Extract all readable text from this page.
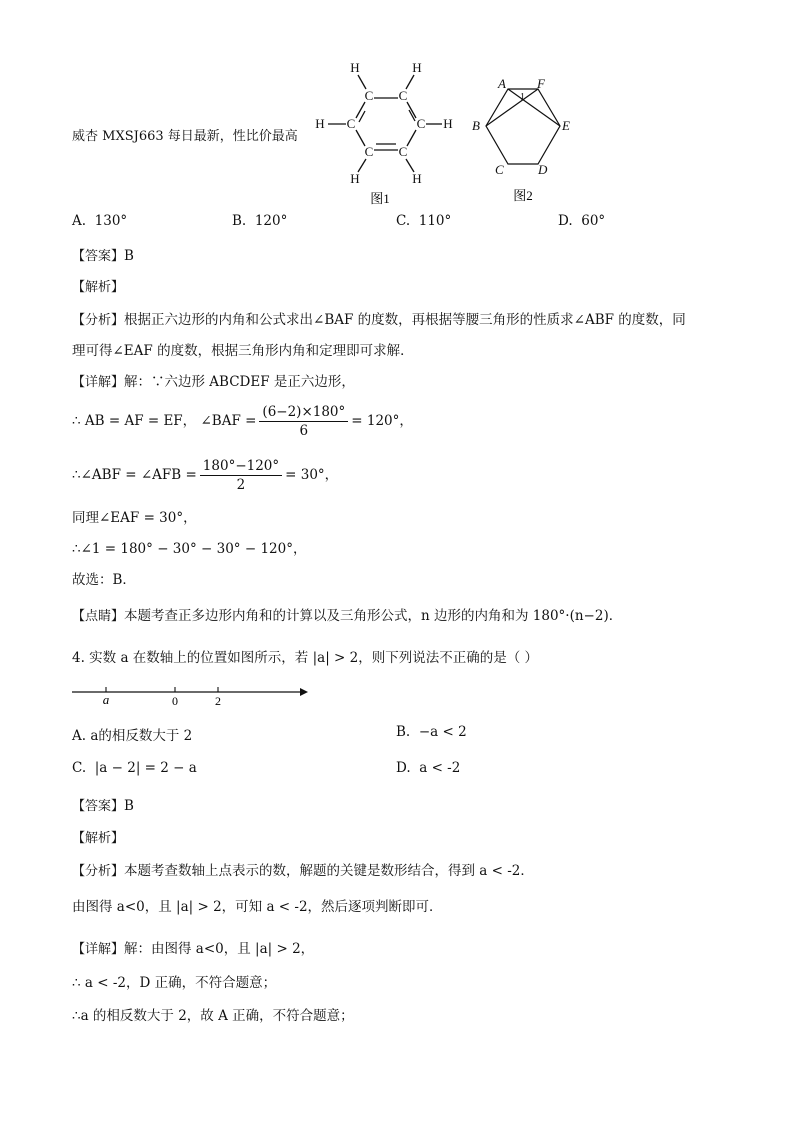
威杏 MXSJ663 每日最新，性比价最高
C C
C
C
C
C
H	H
H
H
H	H
图1
A F
B	E
C	D
1
图2
A. 130°	B. 120°	C. 110°	D. 60°
【答案】B
【解析】
【分析】根据正六边形的内角和公式求出∠BAF 的度数，再根据等腰三角形的性质求∠ABF 的度数，同
理可得∠EAF 的度数，根据三角形内角和定理即可求解．
【详解】解：∵六边形 ABCDEF 是正六边形，
∴ AB = AF = EF， ∠BAF = $\frac{(6-2)\times 180^\circ}{6} = 120^\circ$，
∴∠ABF = ∠AFB = $\frac{180^\circ-120^\circ}{2} = 30^\circ$，
同理∠EAF = 30°，
∴∠1 = 180° − 30° − 30° − 120°，
故选：B．
【点睛】本题考查正多边形内角和的计算以及三角形公式，n 边形的内角和为 180°·(n−2)．
4. 实数 a 在数轴上的位置如图所示，若 |a| > 2，则下列说法不正确的是（ ）
a	0	2
A. a的相反数大于 2	B. −a < 2
C. |a − 2| = 2 − a	D. a < -2
【答案】B
【解析】
【分析】本题考查数轴上点表示的数，解题的关键是数形结合，得到 a < -2．
由图得 a<0，且 |a| > 2，可知 a < -2，然后逐项判断即可．
【详解】解：由图得 a<0，且 |a| > 2，
∴ a < -2，D 正确，不符合题意；
∴a 的相反数大于 2，故 A 正确，不符合题意；
